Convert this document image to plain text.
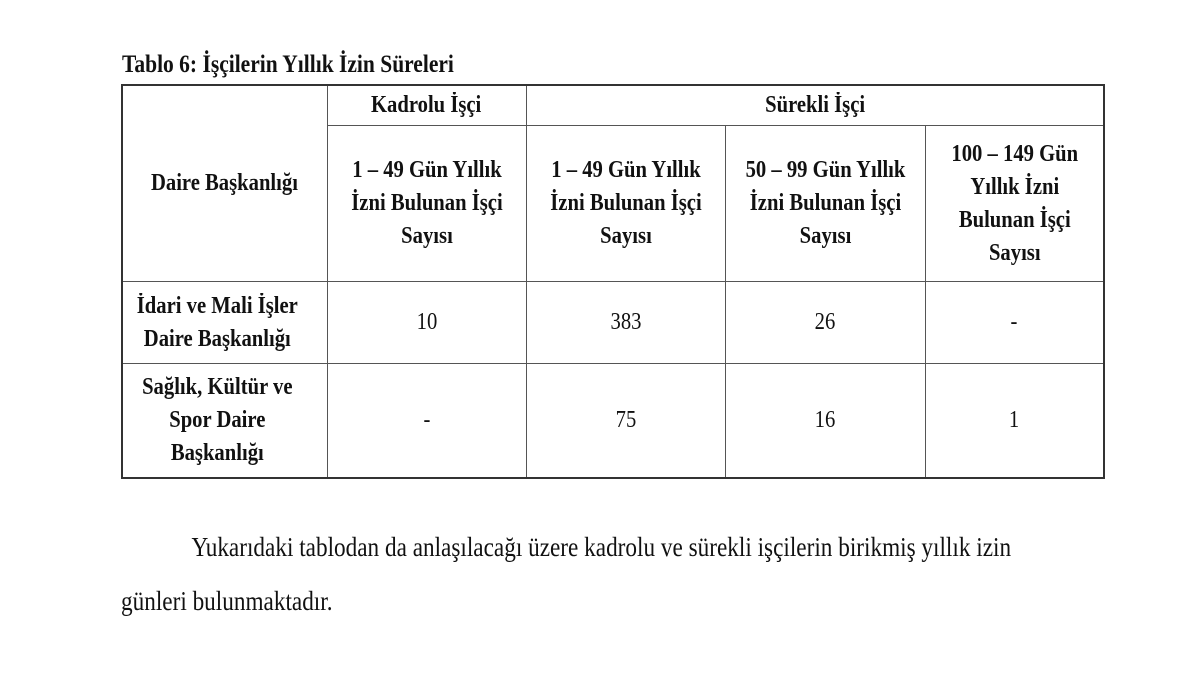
Tablo 6: İşçilerin Yıllık İzin Süreleri
Daire Başkanlığı	Kadrolu İşçi	Sürekli İşçi		
	1 – 49 Gün Yıllık İzni Bulunan İşçi Sayısı	1 – 49 Gün Yıllık İzni Bulunan İşçi Sayısı	50 – 99 Gün Yıllık İzni Bulunan İşçi Sayısı	100 – 149 Gün Yıllık İzni Bulunan İşçi Sayısı
İdari ve Mali İşler Daire Başkanlığı	10	383	26	-
Sağlık, Kültür ve Spor Daire Başkanlığı	-	75	16	1
Yukarıdaki tablodan da anlaşılacağı üzere kadrolu ve sürekli işçilerin birikmiş yıllık izin
günleri bulunmaktadır.
